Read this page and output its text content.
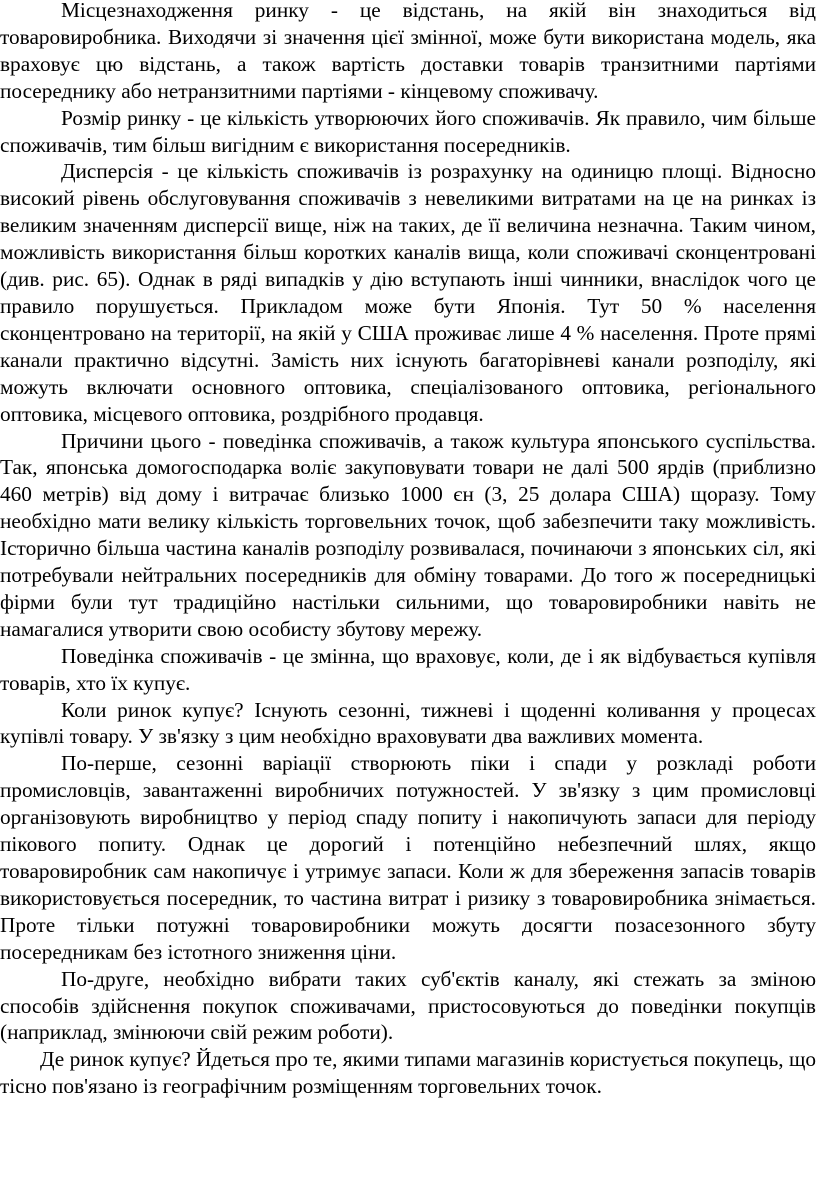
Місцезнаходження ринку - це відстань, на якій він знаходиться від товаровиробника. Виходячи зі значення цієї змінної, може бути використана модель, яка враховує цю відстань, а також вартість доставки товарів транзитними партіями посереднику або нетранзитними партіями - кінцевому споживачу.

Розмір ринку - це кількість утворюючих його споживачів. Як правило, чим більше споживачів, тим більш вигідним є використання посередників.

Дисперсія - це кількість споживачів із розрахунку на одиницю площі. Відносно високий рівень обслуговування споживачів з невеликими витратами на це на ринках із великим значенням дисперсії вище, ніж на таких, де її величина незначна. Таким чином, можливість використання більш коротких каналів вища, коли споживачі сконцентровані (див. рис. 65). Однак в ряді випадків у дію вступають інші чинники, внаслідок чого це правило порушується. Прикладом може бути Японія. Тут 50 % населення сконцентровано на території, на якій у США проживає лише 4 % населення. Проте прямі канали практично відсутні. Замість них існують багаторівневі канали розподілу, які можуть включати основного оптовика, спеціалізованого оптовика, регіонального оптовика, місцевого оптовика, роздрібного продавця.

Причини цього - поведінка споживачів, а також культура японського суспільства. Так, японська домогосподарка воліє закуповувати товари не далі 500 ярдів (приблизно 460 метрів) від дому і витрачає близько 1000 єн (3, 25 долара США) щоразу. Тому необхідно мати велику кількість торговельних точок, щоб забезпечити таку можливість. Історично більша частина каналів розподілу розвивалася, починаючи з японських сіл, які потребували нейтральних посередників для обміну товарами. До того ж посередницькі фірми були тут традиційно настільки сильними, що товаровиробники навіть не намагалися утворити свою особисту збутову мережу.

Поведінка споживачів - це змінна, що враховує, коли, де і як відбувається купівля товарів, хто їх купує.

Коли ринок купує? Існують сезонні, тижневі і щоденні коливання у процесах купівлі товару. У зв'язку з цим необхідно враховувати два важливих момента.

По-перше, сезонні варіації створюють піки і спади у розкладі роботи промисловців, завантаженні виробничих потужностей. У зв'язку з цим промисловці організовують виробництво у період спаду попиту і накопичують запаси для періоду пікового попиту. Однак це дорогий і потенційно небезпечний шлях, якщо товаровиробник сам накопичує і утримує запаси. Коли ж для збереження запасів товарів використовується посередник, то частина витрат і ризику з товаровиробника знімається. Проте тільки потужні товаровиробники можуть досягти позасезонного збуту посередникам без істотного зниження ціни.

По-друге, необхідно вибрати таких суб'єктів каналу, які стежать за зміною способів здійснення покупок споживачами, пристосовуються до поведінки покупців (наприклад, змінюючи свій режим роботи).

Де ринок купує? Йдеться про те, якими типами магазинів користується покупець, що тісно пов'язано із географічним розміщенням торговельних точок.
